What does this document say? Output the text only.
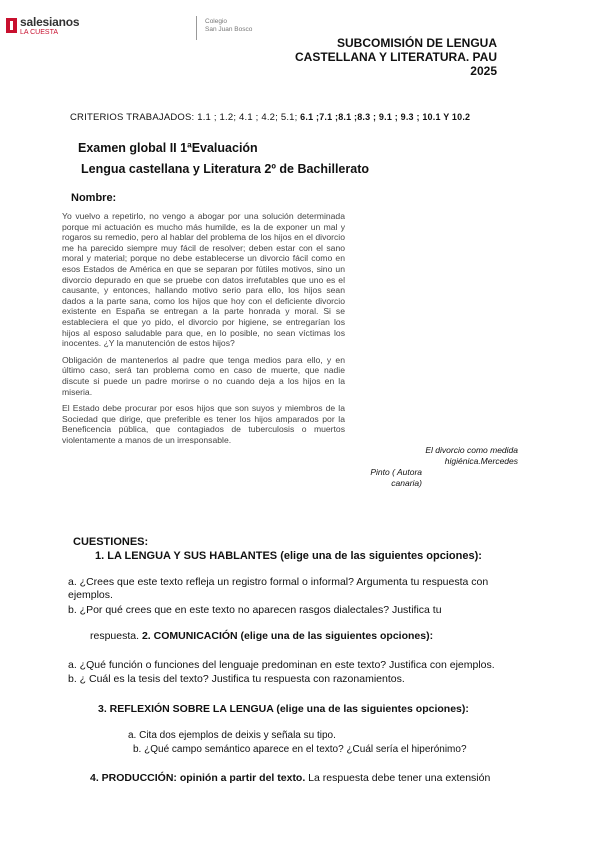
salesianos
LA CUESTA
Colegio
San Juan Bosco
SUBCOMISIÓN DE LENGUA
CASTELLANA Y LITERATURA. PAU
2025
CRITERIOS TRABAJADOS: 1.1 ; 1.2; 4.1 ; 4.2; 5.1; 6.1 ;7.1 ;8.1 ;8.3 ; 9.1 ; 9.3 ; 10.1 Y 10.2
Examen global II 1ªEvaluación
Lengua castellana y Literatura 2º de Bachillerato
Nombre:

Yo vuelvo a repetirlo, no vengo a abogar por una solución determinada porque mi actuación es mucho más humilde, es la de exponer un mal y rogaros su remedio, pero al hablar del problema de los hijos en el divorcio me ha parecido siempre muy fácil de resolver; deben estar con el sano moral y material; porque no debe establecerse un divorcio fácil como en esos Estados de América en que se separan por fútiles motivos, sino un divorcio depurado en que se pruebe con datos irrefutables que uno es el causante, y entonces, hallando motivo serio para ello, los hijos sean dados a la parte sana, como los hijos que hoy con el deficiente divorcio existente en España se entregan a la parte honrada y moral. Si se estableciera el que yo pido, el divorcio por higiene, se entregarían los hijos al esposo saludable para que, en lo posible, no sean víctimas los inocentes. ¿Y la manutención de estos hijos?

Obligación de mantenerlos al padre que tenga medios para ello, y en último caso, será tan problema como en caso de muerte, que nadie discute si puede un padre morirse o no cuando deja a los hijos en la miseria.

El Estado debe procurar por esos hijos que son suyos y miembros de la Sociedad que dirige, que preferible es tener los hijos amparados por la Beneficencia pública, que contagiados de tuberculosis o muertos violentamente a manos de un irresponsable.

El divorcio como medida
higiénica.Mercedes
Pinto ( Autora
canaria)
CUESTIONES:
1. LA LENGUA Y SUS HABLANTES (elige una de las siguientes opciones):
a. ¿Crees que este texto refleja un registro formal o informal? Argumenta tu respuesta con
ejemplos.
b. ¿Por qué crees que en este texto no aparecen rasgos dialectales? Justifica tu
respuesta. 2. COMUNICACIÓN (elige una de las siguientes opciones):
a. ¿Qué función o funciones del lenguaje predominan en este texto? Justifica con ejemplos.
b. ¿ Cuál es la tesis del texto? Justifica tu respuesta con razonamientos.
3. REFLEXIÓN SOBRE LA LENGUA (elige una de las siguientes opciones):
a. Cita dos ejemplos de deixis y señala su tipo.
b. ¿Qué campo semántico aparece en el texto? ¿Cuál sería el hiperónimo?
4. PRODUCCIÓN: opinión a partir del texto. La respuesta debe tener una extensión
